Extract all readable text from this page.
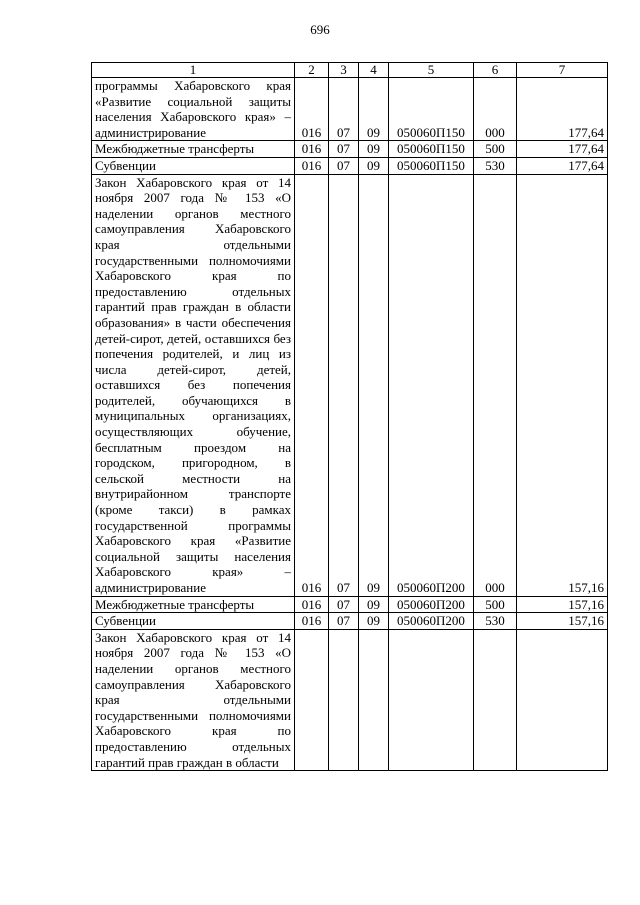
696
1	2	3	4	5	6	7
программы Хабаровского края «Развитие социальной защиты населения Хабаровского края» – администрирование	016	07	09	050060П150	000	177,64
Межбюджетные трансферты	016	07	09	050060П150	500	177,64
Субвенции	016	07	09	050060П150	530	177,64
Закон Хабаровского края от 14 ноября 2007 года № 153 «О наделении органов местного самоуправления Хабаровского края отдельными государственными полномочиями Хабаровского края по предоставлению отдельных гарантий прав граждан в области образования» в части обеспечения детей-сирот, детей, оставшихся без попечения родителей, и лиц из числа детей-сирот, детей, оставшихся без попечения родителей, обучающихся в муниципальных организациях, осуществляющих обучение, бесплатным проездом на городском, пригородном, в сельской местности на внутрирайонном транспорте (кроме такси) в рамках государственной программы Хабаровского края «Развитие социальной защиты населения Хабаровского края» – администрирование	016	07	09	050060П200	000	157,16
Межбюджетные трансферты	016	07	09	050060П200	500	157,16
Субвенции	016	07	09	050060П200	530	157,16
Закон Хабаровского края от 14 ноября 2007 года № 153 «О наделении органов местного самоуправления Хабаровского края отдельными государственными полномочиями Хабаровского края по предоставлению отдельных гарантий прав граждан в области						
